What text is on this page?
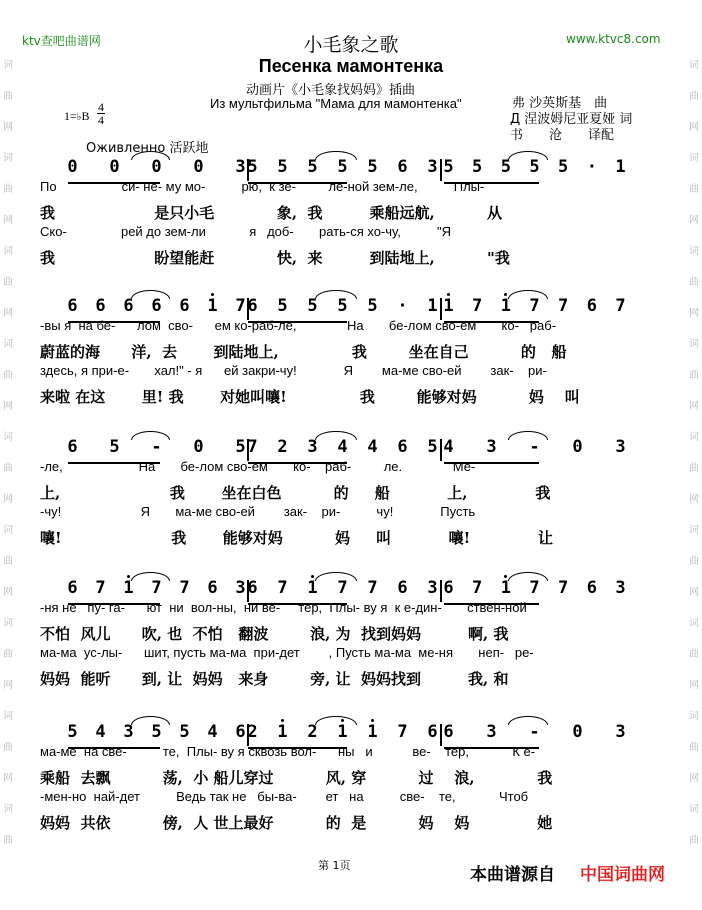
词
曲
网
词
曲
网
词
曲
网
词
曲
网
词
曲
网
词
曲
网
词
曲
网
词
曲
网
词
曲
词
曲
网
词
曲
网
词
曲
网
词
曲
网
词
曲
网
词
曲
网
词
曲
网
词
曲
网
词
曲
ktv查吧曲谱网	www.ktvc8.com
小毛象之歌
Песенка мамонтенка
动画片《小毛象找妈妈》插曲
Из мультфильма "Мама для мамонтенка"
1=♭B
4
4
Оживленно 活跃地
弗 沙英斯基　曲
Д 涅波姆尼亚夏娅 词
书　　沧　　译配
0 0 0 0 3 5 5 5 5 5 6 3 5 5 5 5 5 · 1
По                  си- не- му мо-          рю,  к зе-         ле-ной зем-ле,          Плы-
我                   是只小毛            象,  我         乘船远航,          从
Ско-               рей до зем-ли            я   доб-       рать-ся хо-чу,          "Я
我                   盼望能赶            快,  来         到陆地上,          "我
6 6 6 6 6 1 7 6 5 5 5 5 · 1 1 7 1 7 7 6 7
-вы я  на бе-      лом  сво-      ем ко-раб-ле,              На       бе-лом сво-ем       ко-   раб-
蔚蓝的海      洋,  去       到陆地上,              我        坐在自己          的   船
здесь, я при-е-       хал!" - я      ей закри-чу!             Я        ма-ме сво-ей        зак-    ри-
来啦 在这       里! 我       对她叫嚷!              我        能够对妈          妈    叫
6 5 - 0 5 7 2 3 4 4 6 5 4 3 - 0 3
-ле,                     На       бе-лом сво-ем       ко-    раб-         ле.              Ме-
上,                     我       坐在白色          的     船           上,             我
-чу!                      Я       ма-ме сво-ей        зак-    ри-          чу!             Пусть
嚷!                     我       能够对妈          妈     叫           嚷!             让
6 7 1 7 7 6 3 6 7 1 7 7 6 3 6 7 1 7 7 6 3
-ня не   пу- га-      ют  ни  вол-ны,  ни ве-     тер,  Плы- ву я  к е-дин-       ствен-ной
不怕  风儿      吹, 也  不怕   翻波        浪, 为  找到妈妈         啊, 我
ма-ма  ус-лы-      шит, пусть ма-ма  при-дет        , Пусть ма-ма  ме-ня       неп-   ре-
妈妈  能听      到, 让  妈妈   来身        旁, 让  妈妈找到         我, 和
5 4 3 5 5 4 6 2 1 2 1 1 7 6 6 3 - 0 3
ма-ме  на све-          те,  Плы- ву я сквозь вол-      ны   и           ве-    тер,            К е-
乘船  去飘          荡,  小 船儿穿过          风, 穿          过    浪,            我
-мен-но  най-дет          Ведь так не   бы-ва-        ет   на          све-    те,            Чтоб
妈妈  共依          傍,  人 世上最好          的  是          妈    妈             她
第 1页	本曲谱源自 中国词曲网
